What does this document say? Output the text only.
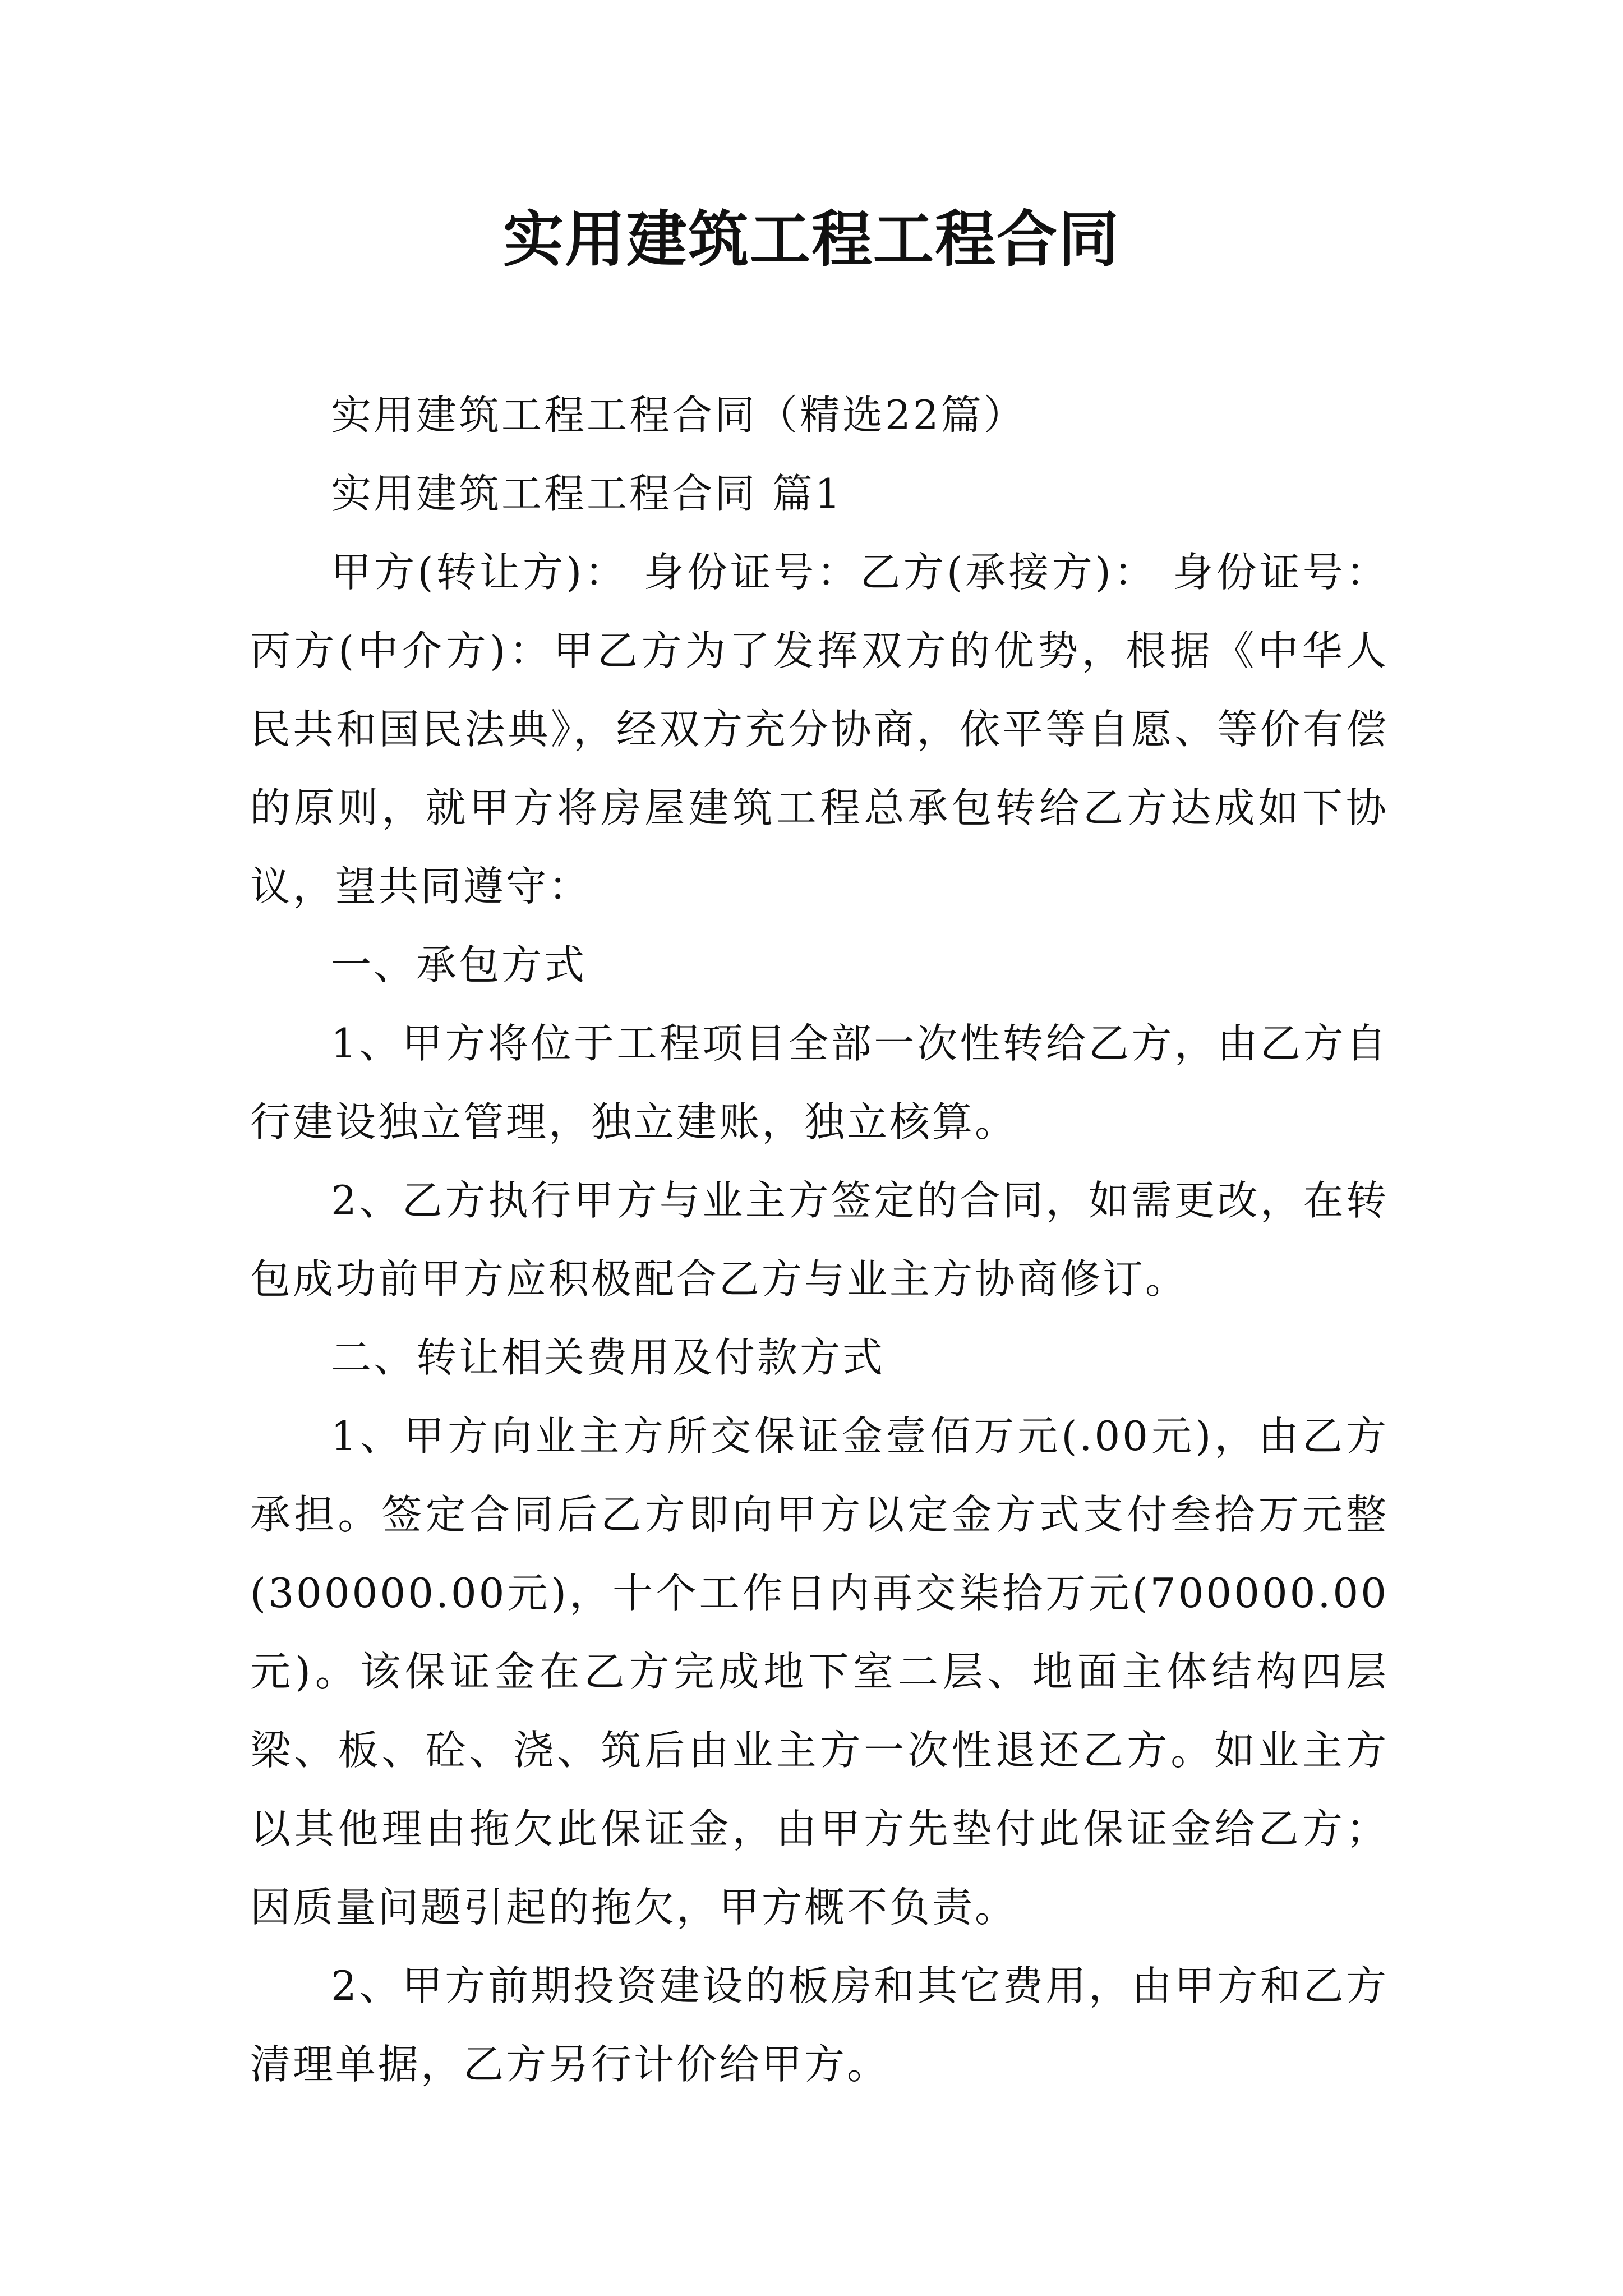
实用建筑工程工程合同

实用建筑工程工程合同（精选22篇）

实用建筑工程工程合同 篇1

甲方(转让方)： 身份证号：乙方(承接方)： 身份证号：丙方(中介方)：甲乙方为了发挥双方的优势，根据《中华人民共和国民法典》，经双方充分协商，依平等自愿、等价有偿的原则，就甲方将房屋建筑工程总承包转给乙方达成如下协议，望共同遵守：

一、承包方式

1、甲方将位于工程项目全部一次性转给乙方，由乙方自行建设独立管理，独立建账，独立核算。

2、乙方执行甲方与业主方签定的合同，如需更改，在转包成功前甲方应积极配合乙方与业主方协商修订。

二、转让相关费用及付款方式

1、甲方向业主方所交保证金壹佰万元(.00元)，由乙方承担。签定合同后乙方即向甲方以定金方式支付叁拾万元整(300000.00元)，十个工作日内再交柒拾万元(700000.00元)。该保证金在乙方完成地下室二层、地面主体结构四层梁、板、砼、浇、筑后由业主方一次性退还乙方。如业主方以其他理由拖欠此保证金，由甲方先垫付此保证金给乙方；因质量问题引起的拖欠，甲方概不负责。

2、甲方前期投资建设的板房和其它费用，由甲方和乙方清理单据，乙方另行计价给甲方。
